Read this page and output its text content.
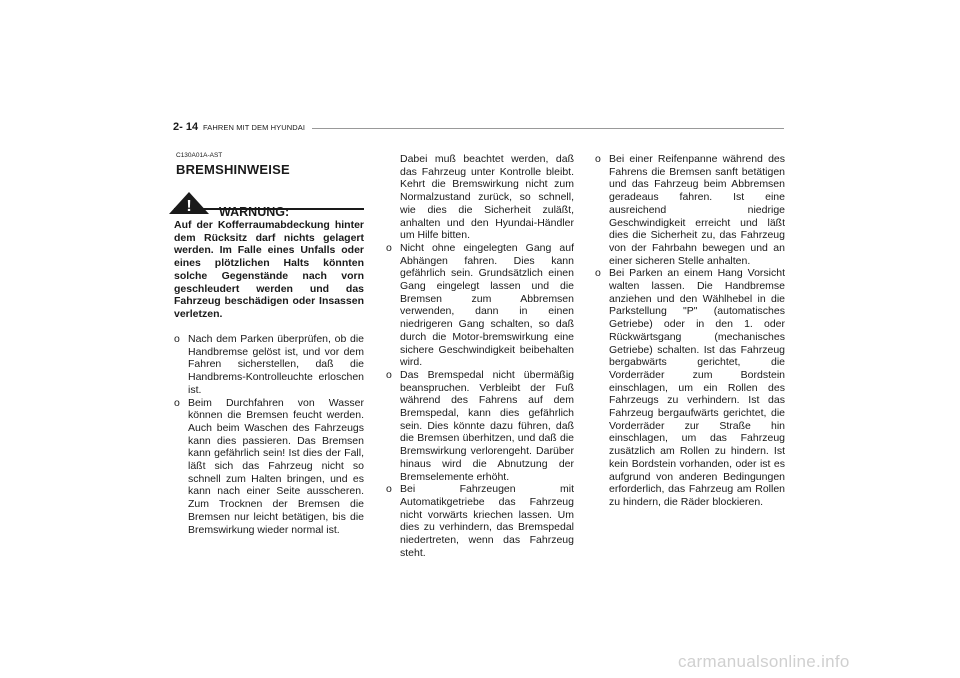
2- 14 FAHREN MIT DEM HYUNDAI
C130A01A-AST
BREMSHINWEISE
! WARNUNG:
Auf der Kofferraumabdeckung hinter dem Rücksitz darf nichts gelagert werden. Im Falle eines Unfalls oder eines plötzlichen Halts könnten solche Gegenstände nach vorn geschleudert werden und das Fahrzeug beschädigen oder Insassen verletzen.
o Nach dem Parken überprüfen, ob die Handbremse gelöst ist, und vor dem Fahren sicherstellen, daß die Handbrems-Kontrolleuchte erloschen ist.
o Beim Durchfahren von Wasser können die Bremsen feucht werden. Auch beim Waschen des Fahrzeugs kann dies passieren. Das Bremsen kann gefährlich sein! Ist dies der Fall, läßt sich das Fahrzeug nicht so schnell zum Halten bringen, und es kann nach einer Seite ausscheren. Zum Trocknen der Bremsen die Bremsen nur leicht betätigen, bis die Bremswirkung wieder normal ist.
Dabei muß beachtet werden, daß das Fahrzeug unter Kontrolle bleibt. Kehrt die Bremswirkung nicht zum Normalzustand zurück, so schnell, wie dies die Sicherheit zuläßt, anhalten und den Hyundai-Händler um Hilfe bitten.
o Nicht ohne eingelegten Gang auf Abhängen fahren. Dies kann gefährlich sein. Grundsätzlich einen Gang eingelegt lassen und die Bremsen zum Abbremsen verwenden, dann in einen niedrigeren Gang schalten, so daß durch die Motor-bremswirkung eine sichere Geschwindigkeit beibehalten wird.
o Das Bremspedal nicht übermäßig beanspruchen. Verbleibt der Fuß während des Fahrens auf dem Bremspedal, kann dies gefährlich sein. Dies könnte dazu führen, daß die Bremsen überhitzen, und daß die Bremswirkung verlorengeht. Darüber hinaus wird die Abnutzung der Bremselemente erhöht.
o Bei Fahrzeugen mit Automatikgetriebe das Fahrzeug nicht vorwärts kriechen lassen. Um dies zu verhindern, das Bremspedal niedertreten, wenn das Fahrzeug steht.
o Bei einer Reifenpanne während des Fahrens die Bremsen sanft betätigen und das Fahrzeug beim Abbremsen geradeaus fahren. Ist eine ausreichend niedrige Geschwindigkeit erreicht und läßt dies die Sicherheit zu, das Fahrzeug von der Fahrbahn bewegen und an einer sicheren Stelle anhalten.
o Bei Parken an einem Hang Vorsicht walten lassen. Die Handbremse anziehen und den Wählhebel in die Parkstellung "P" (automatisches Getriebe) oder in den 1. oder Rückwärtsgang (mechanisches Getriebe) schalten. Ist das Fahrzeug bergabwärts gerichtet, die Vorderräder zum Bordstein einschlagen, um ein Rollen des Fahrzeugs zu verhindern. Ist das Fahrzeug bergaufwärts gerichtet, die Vorderräder zur Straße hin einschlagen, um das Fahrzeug zusätzlich am Rollen zu hindern. Ist kein Bordstein vorhanden, oder ist es aufgrund von anderen Bedingungen erforderlich, das Fahrzeug am Rollen zu hindern, die Räder blockieren.
carmanualsonline.info
